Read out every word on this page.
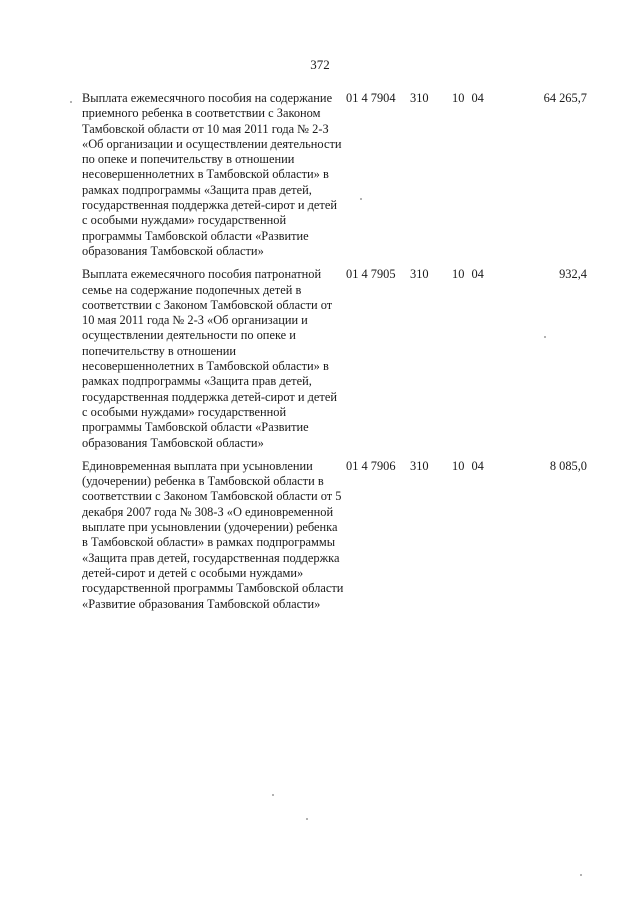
372
Выплата ежемесячного пособия на содержание приемного ребенка в соответствии с Законом Тамбовской области от 10 мая 2011 года № 2-З «Об организации и осуществлении деятельности по опеке и попечительству в отношении несовершеннолетних в Тамбовской области» в рамках подпрограммы «Защита прав детей, государственная поддержка детей-сирот и детей с особыми нуждами» государственной программы Тамбовской области «Развитие образования Тамбовской области»
01 4 7904 310 10 04	64 265,7
Выплата ежемесячного пособия патронатной семье на содержание подопечных детей в соответствии с Законом Тамбовской области от 10 мая 2011 года № 2-З «Об организации и осуществлении деятельности по опеке и попечительству в отношении несовершеннолетних в Тамбовской области» в рамках подпрограммы «Защита прав детей, государственная поддержка детей-сирот и детей с особыми нуждами» государственной программы Тамбовской области «Развитие образования Тамбовской области»
01 4 7905 310 10 04	932,4
Единовременная выплата при усыновлении (удочерении) ребенка в Тамбовской области в соответствии с Законом Тамбовской области от 5 декабря 2007 года № 308-З «О единовременной выплате при усыновлении (удочерении) ребенка в Тамбовской области» в рамках подпрограммы «Защита прав детей, государственная поддержка детей-сирот и детей с особыми нуждами» государственной программы Тамбовской области «Развитие образования Тамбовской области»
01 4 7906 310 10 04	8 085,0
